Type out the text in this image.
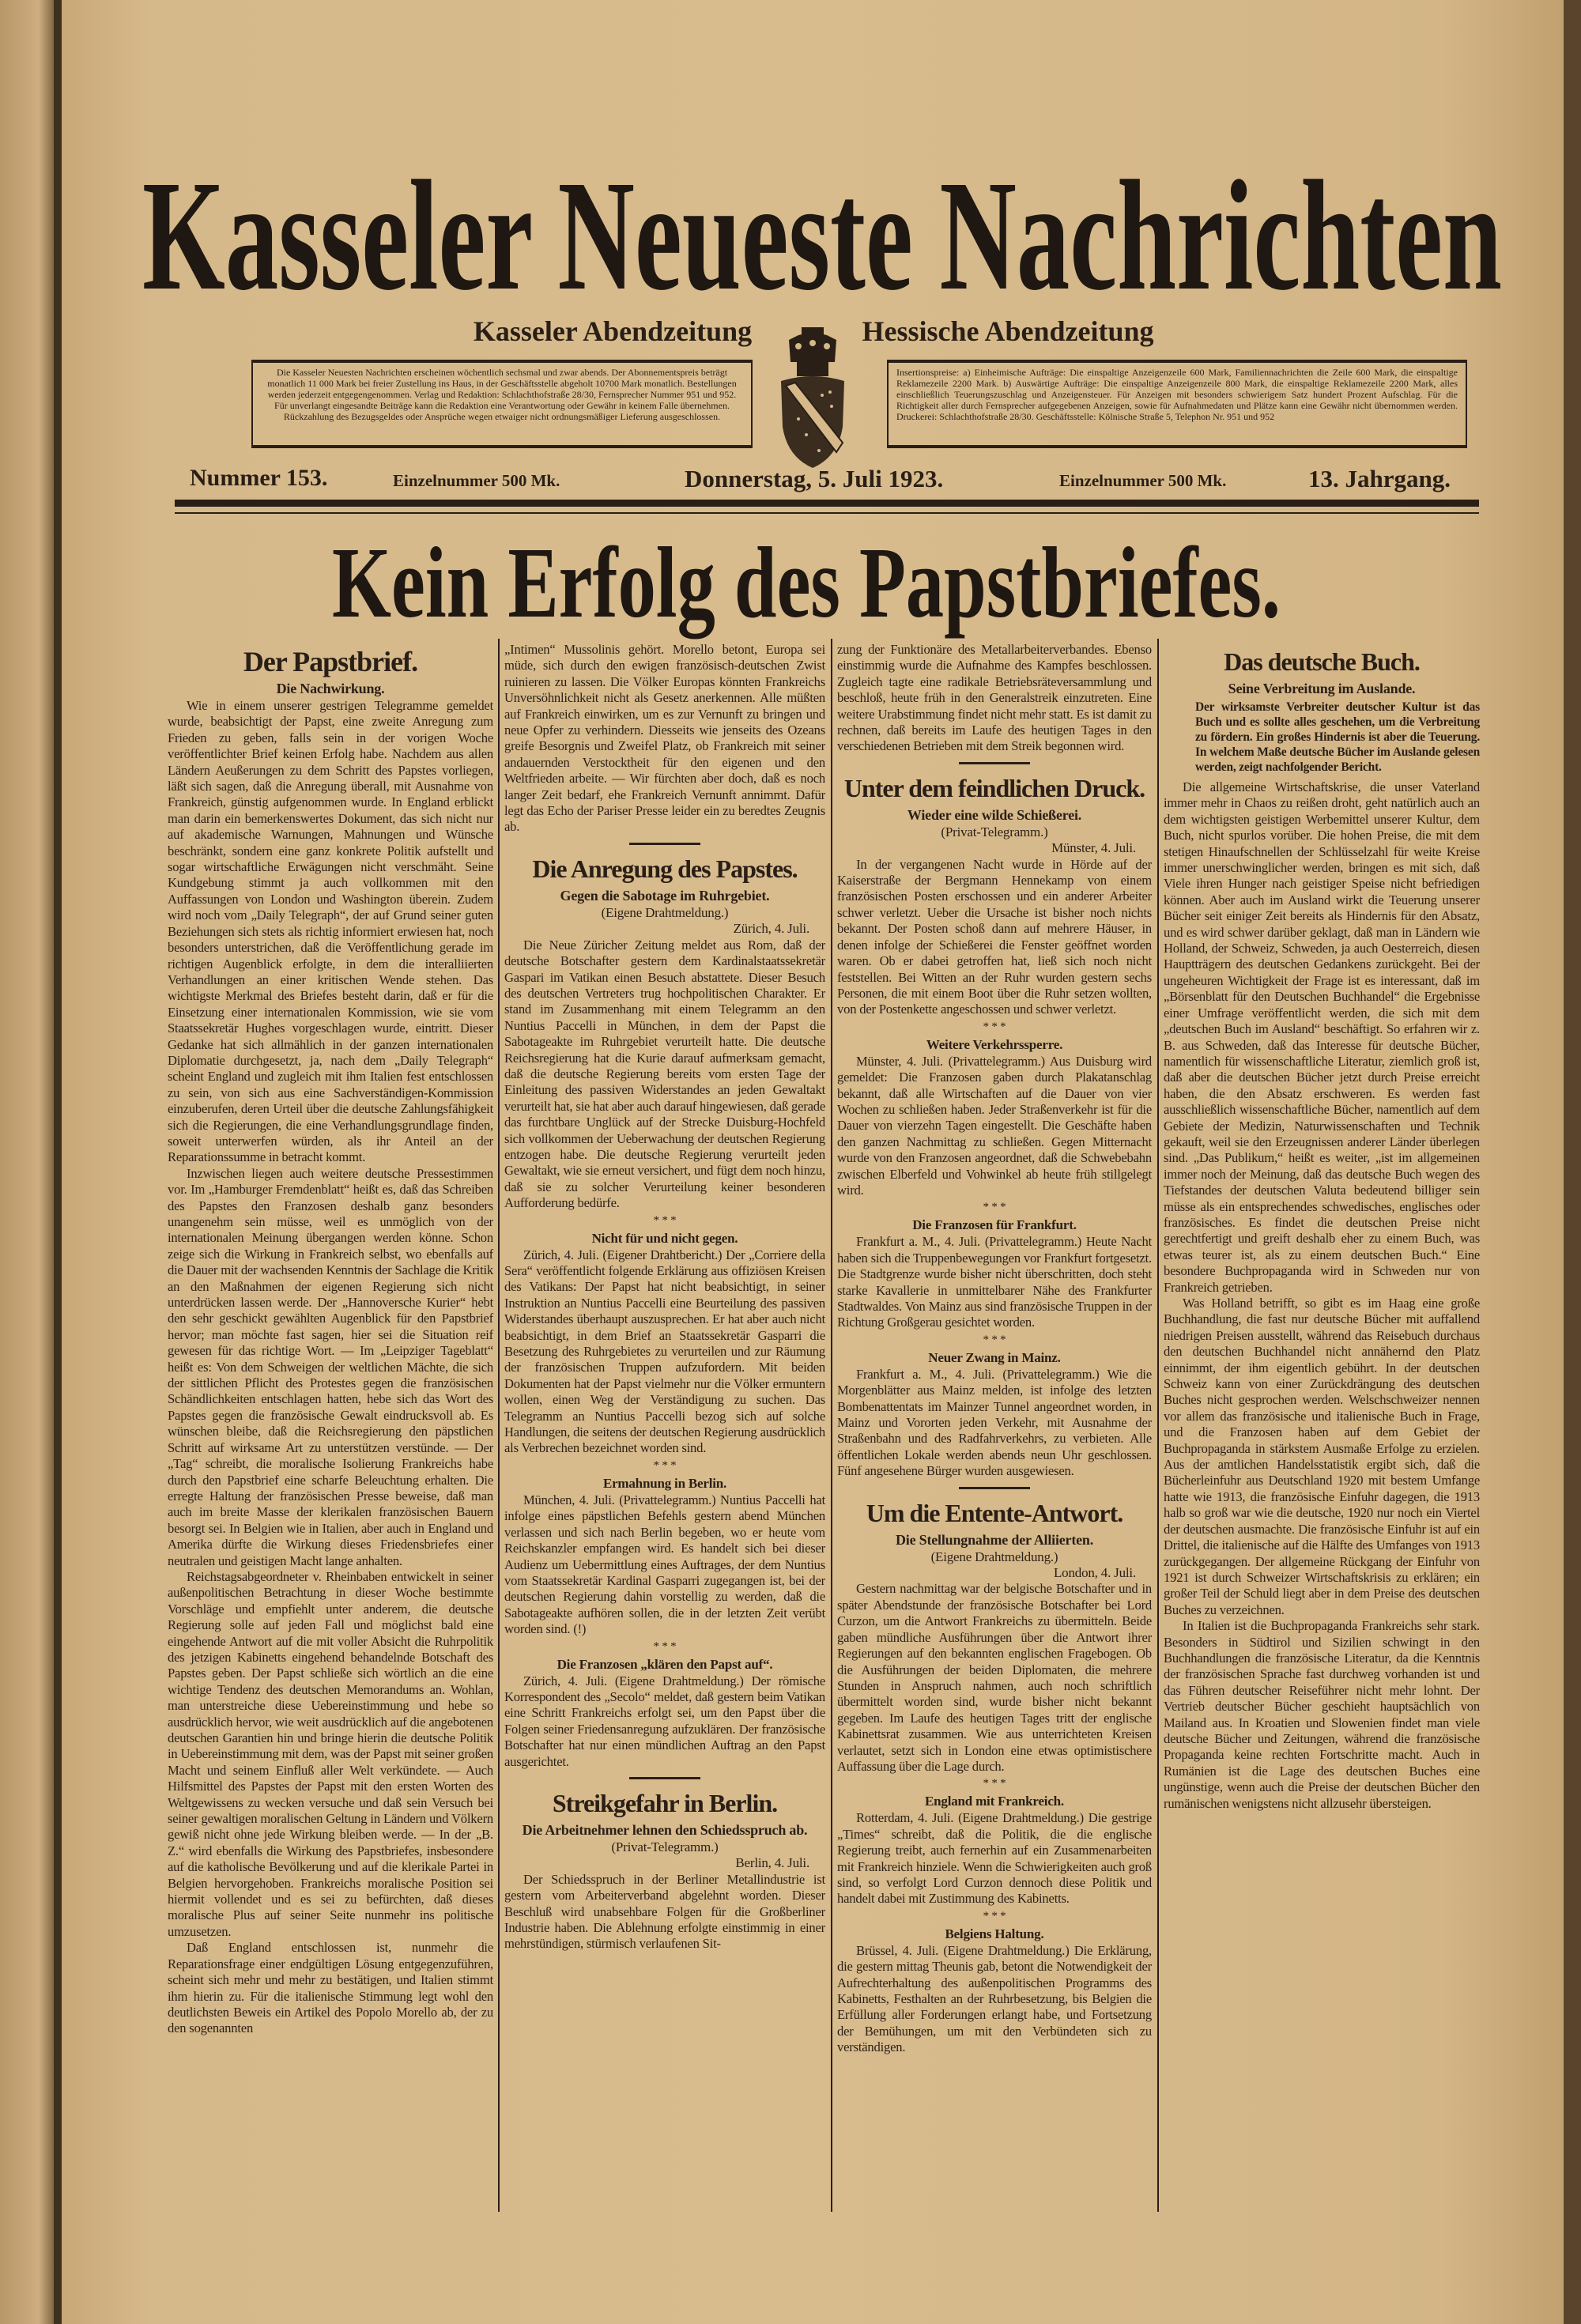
Kasseler Neueste Nachrichten
Kasseler Abendzeitung	Hessische Abendzeitung
Die Kasseler Neuesten Nachrichten erscheinen wöchentlich sechsmal und zwar abends. Der Abonnementspreis beträgt monatlich 11 000 Mark bei freier Zustellung ins Haus, in der Geschäftsstelle abgeholt 10700 Mark monatlich. Bestellungen werden jederzeit entgegengenommen. Verlag und Redaktion: Schlachthofstraße 28/30, Fernsprecher Nummer 951 und 952. Für unverlangt eingesandte Beiträge kann die Redaktion eine Verantwortung oder Gewähr in keinem Falle übernehmen. Rückzahlung des Bezugsgeldes oder Ansprüche wegen etwaiger nicht ordnungsmäßiger Lieferung ausgeschlossen.
Insertionspreise: a) Einheimische Aufträge: Die einspaltige Anzeigenzeile 600 Mark, Familiennachrichten die Zeile 600 Mark, die einspaltige Reklamezeile 2200 Mark. b) Auswärtige Aufträge: Die einspaltige Anzeigenzeile 800 Mark, die einspaltige Reklamezeile 2200 Mark, alles einschließlich Teuerungszuschlag und Anzeigensteuer. Für Anzeigen mit besonders schwierigem Satz hundert Prozent Aufschlag. Für die Richtigkeit aller durch Fernsprecher aufgegebenen Anzeigen, sowie für Aufnahmedaten und Plätze kann eine Gewähr nicht übernommen werden. Druckerei: Schlachthofstraße 28/30. Geschäftsstelle: Kölnische Straße 5, Telephon Nr. 951 und 952
Nummer 153.	Einzelnummer 500 Mk.	Donnerstag, 5. Juli 1923.	Einzelnummer 500 Mk.	13. Jahrgang.
Kein Erfolg des Papstbriefes.
Der Papstbrief.
Die Nachwirkung.

Wie in einem unserer gestrigen Telegramme gemeldet wurde, beabsichtigt der Papst, eine zweite Anregung zum Frieden zu geben, falls sein in der vorigen Woche veröffentlichter Brief keinen Erfolg habe. Nachdem aus allen Ländern Aeußerungen zu dem Schritt des Papstes vorliegen, läßt sich sagen, daß die Anregung überall, mit Ausnahme von Frankreich, günstig aufgenommen wurde. In England erblickt man darin ein bemerkenswertes Dokument, das sich nicht nur auf akademische Warnungen, Mahnungen und Wünsche beschränkt, sondern eine ganz konkrete Politik aufstellt und sogar wirtschaftliche Erwägungen nicht verschmäht. Seine Kundgebung stimmt ja auch vollkommen mit den Auffassungen von London und Washington überein. Zudem wird noch vom „Daily Telegraph“, der auf Grund seiner guten Beziehungen sich stets als richtig informiert erwiesen hat, noch besonders unterstrichen, daß die Veröffentlichung gerade im richtigen Augenblick erfolgte, in dem die interalliierten Verhandlungen an einer kritischen Wende stehen. Das wichtigste Merkmal des Briefes besteht darin, daß er für die Einsetzung einer internationalen Kommission, wie sie vom Staatssekretär Hughes vorgeschlagen wurde, eintritt. Dieser Gedanke hat sich allmählich in der ganzen internationalen Diplomatie durchgesetzt, ja, nach dem „Daily Telegraph“ scheint England und zugleich mit ihm Italien fest entschlossen zu sein, von sich aus eine Sachverständigen-Kommission einzuberufen, deren Urteil über die deutsche Zahlungsfähigkeit sich die Regierungen, die eine Verhandlungsgrundlage finden, soweit unterwerfen würden, als ihr Anteil an der Reparationssumme in betracht kommt.

Inzwischen liegen auch weitere deutsche Pressestimmen vor. Im „Hamburger Fremdenblatt“ heißt es, daß das Schreiben des Papstes den Franzosen deshalb ganz besonders unangenehm sein müsse, weil es unmöglich von der internationalen Meinung übergangen werden könne. Schon zeige sich die Wirkung in Frankreich selbst, wo ebenfalls auf die Dauer mit der wachsenden Kenntnis der Sachlage die Kritik an den Maßnahmen der eigenen Regierung sich nicht unterdrücken lassen werde. Der „Hannoversche Kurier“ hebt den sehr geschickt gewählten Augenblick für den Papstbrief hervor; man möchte fast sagen, hier sei die Situation reif gewesen für das richtige Wort. — Im „Leipziger Tageblatt“ heißt es: Von dem Schweigen der weltlichen Mächte, die sich der sittlichen Pflicht des Protestes gegen die französischen Schändlichkeiten entschlagen hatten, hebe sich das Wort des Papstes gegen die französische Gewalt eindrucksvoll ab. Es wünschen bleibe, daß die Reichsregierung den päpstlichen Schritt auf wirksame Art zu unterstützen verstünde. — Der „Tag“ schreibt, die moralische Isolierung Frankreichs habe durch den Papstbrief eine scharfe Beleuchtung erhalten. Die erregte Haltung der französischen Presse beweise, daß man auch im breite Masse der klerikalen französischen Bauern besorgt sei. In Belgien wie in Italien, aber auch in England und Amerika dürfte die Wirkung dieses Friedensbriefes einer neutralen und geistigen Macht lange anhalten.

Reichstagsabgeordneter v. Rheinbaben entwickelt in seiner außenpolitischen Betrachtung in dieser Woche bestimmte Vorschläge und empfiehlt unter anderem, die deutsche Regierung solle auf jeden Fall und möglichst bald eine eingehende Antwort auf die mit voller Absicht die Ruhrpolitik des jetzigen Kabinetts eingehend behandelnde Botschaft des Papstes geben. Der Papst schließe sich wörtlich an die eine wichtige Tendenz des deutschen Memorandums an. Wohlan, man unterstreiche diese Uebereinstimmung und hebe so ausdrücklich hervor, wie weit ausdrücklich auf die angebotenen deutschen Garantien hin und bringe hierin die deutsche Politik in Uebereinstimmung mit dem, was der Papst mit seiner großen Macht und seinem Einfluß aller Welt verkündete. — Auch Hilfsmittel des Papstes der Papst mit den ersten Worten des Weltgewissens zu wecken versuche und daß sein Versuch bei seiner gewaltigen moralischen Geltung in Ländern und Völkern gewiß nicht ohne jede Wirkung bleiben werde. — In der „B. Z.“ wird ebenfalls die Wirkung des Papstbriefes, insbesondere auf die katholische Bevölkerung und auf die klerikale Partei in Belgien hervorgehoben. Frankreichs moralische Position sei hiermit vollendet und es sei zu befürchten, daß dieses moralische Plus auf seiner Seite nunmehr ins politische umzusetzen.

Daß England entschlossen ist, nunmehr die Reparationsfrage einer endgültigen Lösung entgegenzuführen, scheint sich mehr und mehr zu bestätigen, und Italien stimmt ihm hierin zu. Für die italienische Stimmung legt wohl den deutlichsten Beweis ein Artikel des Popolo Morello ab, der zu den sogenannten

„Intimen“ Mussolinis gehört. Morello betont, Europa sei müde, sich durch den ewigen französisch-deutschen Zwist ruinieren zu lassen. Die Völker Europas könnten Frankreichs Unversöhnlichkeit nicht als Gesetz anerkennen. Alle müßten auf Frankreich einwirken, um es zur Vernunft zu bringen und neue Opfer zu verhindern. Diesseits wie jenseits des Ozeans greife Besorgnis und Zweifel Platz, ob Frankreich mit seiner andauernden Verstocktheit für den eigenen und den Weltfrieden arbeite. — Wir fürchten aber doch, daß es noch langer Zeit bedarf, ehe Frankreich Vernunft annimmt. Dafür legt das Echo der Pariser Presse leider ein zu beredtes Zeugnis ab.

Die Anregung des Papstes.
Gegen die Sabotage im Ruhrgebiet.
(Eigene Drahtmeldung.)
Zürich, 4. Juli.

Die Neue Züricher Zeitung meldet aus Rom, daß der deutsche Botschafter gestern dem Kardinalstaatssekretär Gaspari im Vatikan einen Besuch abstattete. Dieser Besuch des deutschen Vertreters trug hochpolitischen Charakter. Er stand im Zusammenhang mit einem Telegramm an den Nuntius Paccelli in München, in dem der Papst die Sabotageakte im Ruhrgebiet verurteilt hatte. Die deutsche Reichsregierung hat die Kurie darauf aufmerksam gemacht, daß die deutsche Regierung bereits vom ersten Tage der Einleitung des passiven Widerstandes an jeden Gewaltakt verurteilt hat, sie hat aber auch darauf hingewiesen, daß gerade das furchtbare Unglück auf der Strecke Duisburg-Hochfeld sich vollkommen der Ueberwachung der deutschen Regierung entzogen habe. Die deutsche Regierung verurteilt jeden Gewaltakt, wie sie erneut versichert, und fügt dem noch hinzu, daß sie zu solcher Verurteilung keiner besonderen Aufforderung bedürfe.

* * *
Nicht für und nicht gegen.

Zürich, 4. Juli. (Eigener Drahtbericht.) Der „Corriere della Sera“ veröffentlicht folgende Erklärung aus offiziösen Kreisen des Vatikans: Der Papst hat nicht beabsichtigt, in seiner Instruktion an Nuntius Paccelli eine Beurteilung des passiven Widerstandes überhaupt auszusprechen. Er hat aber auch nicht beabsichtigt, in dem Brief an Staatssekretär Gasparri die Besetzung des Ruhrgebietes zu verurteilen und zur Räumung der französischen Truppen aufzufordern. Mit beiden Dokumenten hat der Papst vielmehr nur die Völker ermuntern wollen, einen Weg der Verständigung zu suchen. Das Telegramm an Nuntius Paccelli bezog sich auf solche Handlungen, die seitens der deutschen Regierung ausdrücklich als Verbrechen bezeichnet worden sind.

* * *
Ermahnung in Berlin.

München, 4. Juli. (Privattelegramm.) Nuntius Paccelli hat infolge eines päpstlichen Befehls gestern abend München verlassen und sich nach Berlin begeben, wo er heute vom Reichskanzler empfangen wird. Es handelt sich bei dieser Audienz um Uebermittlung eines Auftrages, der dem Nuntius vom Staatssekretär Kardinal Gasparri zugegangen ist, bei der deutschen Regierung dahin vorstellig zu werden, daß die Sabotageakte aufhören sollen, die in der letzten Zeit verübt worden sind. (!)

* * *
Die Franzosen „klären den Papst auf“.

Zürich, 4. Juli. (Eigene Drahtmeldung.) Der römische Korrespondent des „Secolo“ meldet, daß gestern beim Vatikan eine Schritt Frankreichs erfolgt sei, um den Papst über die Folgen seiner Friedensanregung aufzuklären. Der französische Botschafter hat nur einen mündlichen Auftrag an den Papst ausgerichtet.

Streikgefahr in Berlin.
Die Arbeitnehmer lehnen den Schiedsspruch ab.
(Privat-Telegramm.)
Berlin, 4. Juli.

Der Schiedsspruch in der Berliner Metallindustrie ist gestern vom Arbeiterverband abgelehnt worden. Dieser Beschluß wird unabsehbare Folgen für die Großberliner Industrie haben. Die Ablehnung erfolgte einstimmig in einer mehrstündigen, stürmisch verlaufenen Sit-

zung der Funktionäre des Metallarbeiterverbandes. Ebenso einstimmig wurde die Aufnahme des Kampfes beschlossen. Zugleich tagte eine radikale Betriebsräteversammlung und beschloß, heute früh in den Generalstreik einzutreten. Eine weitere Urabstimmung findet nicht mehr statt. Es ist damit zu rechnen, daß bereits im Laufe des heutigen Tages in den verschiedenen Betrieben mit dem Streik begonnen wird.

Unter dem feindlichen Druck.
Wieder eine wilde Schießerei.
(Privat-Telegramm.)
Münster, 4. Juli.

In der vergangenen Nacht wurde in Hörde auf der Kaiserstraße der Bergmann Hennekamp von einem französischen Posten erschossen und ein anderer Arbeiter schwer verletzt. Ueber die Ursache ist bisher noch nichts bekannt. Der Posten schoß dann auf mehrere Häuser, in denen infolge der Schießerei die Fenster geöffnet worden waren. Ob er dabei getroffen hat, ließ sich noch nicht feststellen. Bei Witten an der Ruhr wurden gestern sechs Personen, die mit einem Boot über die Ruhr setzen wollten, von der Postenkette angeschossen und schwer verletzt.

* * *
Weitere Verkehrssperre.

Münster, 4. Juli. (Privattelegramm.) Aus Duisburg wird gemeldet: Die Franzosen gaben durch Plakatanschlag bekannt, daß alle Wirtschaften auf die Dauer von vier Wochen zu schließen haben. Jeder Straßenverkehr ist für die Dauer von vierzehn Tagen eingestellt. Die Geschäfte haben den ganzen Nachmittag zu schließen. Gegen Mitternacht wurde von den Franzosen angeordnet, daß die Schwebebahn zwischen Elberfeld und Vohwinkel ab heute früh stillgelegt wird.

* * *
Die Franzosen für Frankfurt.

Frankfurt a. M., 4. Juli. (Privattelegramm.) Heute Nacht haben sich die Truppenbewegungen vor Frankfurt fortgesetzt. Die Stadtgrenze wurde bisher nicht überschritten, doch steht starke Kavallerie in unmittelbarer Nähe des Frankfurter Stadtwaldes. Von Mainz aus sind französische Truppen in der Richtung Großgerau gesichtet worden.

* * *
Neuer Zwang in Mainz.

Frankfurt a. M., 4. Juli. (Privattelegramm.) Wie die Morgenblätter aus Mainz melden, ist infolge des letzten Bombenattentats im Mainzer Tunnel angeordnet worden, in Mainz und Vororten jeden Verkehr, mit Ausnahme der Straßenbahn und des Radfahrverkehrs, zu verbieten. Alle öffentlichen Lokale werden abends neun Uhr geschlossen. Fünf angesehene Bürger wurden ausgewiesen.

Um die Entente-Antwort.
Die Stellungnahme der Alliierten.
(Eigene Drahtmeldung.)
London, 4. Juli.

Gestern nachmittag war der belgische Botschafter und in später Abendstunde der französische Botschafter bei Lord Curzon, um die Antwort Frankreichs zu übermitteln. Beide gaben mündliche Ausführungen über die Antwort ihrer Regierungen auf den bekannten englischen Fragebogen. Ob die Ausführungen der beiden Diplomaten, die mehrere Stunden in Anspruch nahmen, auch noch schriftlich übermittelt worden sind, wurde bisher nicht bekannt gegeben. Im Laufe des heutigen Tages tritt der englische Kabinettsrat zusammen. Wie aus unterrichteten Kreisen verlautet, setzt sich in London eine etwas optimistischere Auffassung über die Lage durch.

* * *
England mit Frankreich.

Rotterdam, 4. Juli. (Eigene Drahtmeldung.) Die gestrige „Times“ schreibt, daß die Politik, die die englische Regierung treibt, auch fernerhin auf ein Zusammenarbeiten mit Frankreich hinziele. Wenn die Schwierigkeiten auch groß sind, so verfolgt Lord Curzon dennoch diese Politik und handelt dabei mit Zustimmung des Kabinetts.

* * *
Belgiens Haltung.

Brüssel, 4. Juli. (Eigene Drahtmeldung.) Die Erklärung, die gestern mittag Theunis gab, betont die Notwendigkeit der Aufrechterhaltung des außenpolitischen Programms des Kabinetts, Festhalten an der Ruhrbesetzung, bis Belgien die Erfüllung aller Forderungen erlangt habe, und Fortsetzung der Bemühungen, um mit den Verbündeten sich zu verständigen.

Das deutsche Buch.
Seine Verbreitung im Auslande.

Der wirksamste Verbreiter deutscher Kultur ist das Buch und es sollte alles geschehen, um die Verbreitung zu fördern. Ein großes Hindernis ist aber die Teuerung. In welchem Maße deutsche Bücher im Auslande gelesen werden, zeigt nachfolgender Bericht.

Die allgemeine Wirtschaftskrise, die unser Vaterland immer mehr in Chaos zu reißen droht, geht natürlich auch an dem wichtigsten geistigen Werbemittel unserer Kultur, dem Buch, nicht spurlos vorüber. Die hohen Preise, die mit dem stetigen Hinaufschnellen der Schlüsselzahl für weite Kreise immer unerschwinglicher werden, bringen es mit sich, daß Viele ihren Hunger nach geistiger Speise nicht befriedigen können. Aber auch im Ausland wirkt die Teuerung unserer Bücher seit einiger Zeit bereits als Hindernis für den Absatz, und es wird schwer darüber geklagt, daß man in Ländern wie Holland, der Schweiz, Schweden, ja auch Oesterreich, diesen Hauptträgern des deutschen Gedankens zurückgeht. Bei der ungeheuren Wichtigkeit der Frage ist es interessant, daß im „Börsenblatt für den Deutschen Buchhandel“ die Ergebnisse einer Umfrage veröffentlicht werden, die sich mit dem „deutschen Buch im Ausland“ beschäftigt. So erfahren wir z. B. aus Schweden, daß das Interesse für deutsche Bücher, namentlich für wissenschaftliche Literatur, ziemlich groß ist, daß aber die deutschen Bücher jetzt durch Preise erreicht haben, die den Absatz erschweren. Es werden fast ausschließlich wissenschaftliche Bücher, namentlich auf dem Gebiete der Medizin, Naturwissenschaften und Technik gekauft, weil sie den Erzeugnissen anderer Länder überlegen sind. „Das Publikum,“ heißt es weiter, „ist im allgemeinen immer noch der Meinung, daß das deutsche Buch wegen des Tiefstandes der deutschen Valuta bedeutend billiger sein müsse als ein entsprechendes schwedisches, englisches oder französisches. Es findet die deutschen Preise nicht gerechtfertigt und greift deshalb eher zu einem Buch, was etwas teurer ist, als zu einem deutschen Buch.“ Eine besondere Buchpropaganda wird in Schweden nur von Frankreich getrieben.

Was Holland betrifft, so gibt es im Haag eine große Buchhandlung, die fast nur deutsche Bücher mit auffallend niedrigen Preisen ausstellt, während das Reisebuch durchaus den deutschen Buchhandel nicht annähernd den Platz einnimmt, der ihm eigentlich gebührt. In der deutschen Schweiz kann von einer Zurückdrängung des deutschen Buches nicht gesprochen werden. Welschschweizer nennen vor allem das französische und italienische Buch in Frage, und die Franzosen haben auf dem Gebiet der Buchpropaganda in stärkstem Ausmaße Erfolge zu erzielen. Aus der amtlichen Handelsstatistik ergibt sich, daß die Bücherleinfuhr aus Deutschland 1920 mit bestem Umfange hatte wie 1913, die französische Einfuhr dagegen, die 1913 halb so groß war wie die deutsche, 1920 nur noch ein Viertel der deutschen ausmachte. Die französische Einfuhr ist auf ein Drittel, die italienische auf die Hälfte des Umfanges von 1913 zurückgegangen. Der allgemeine Rückgang der Einfuhr von 1921 ist durch Schweizer Wirtschaftskrisis zu erklären; ein großer Teil der Schuld liegt aber in dem Preise des deutschen Buches zu verzeichnen.

In Italien ist die Buchpropaganda Frankreichs sehr stark. Besonders in Südtirol und Sizilien schwingt in den Buchhandlungen die französische Literatur, da die Kenntnis der französischen Sprache fast durchweg vorhanden ist und das Führen deutscher Reiseführer nicht mehr lohnt. Der Vertrieb deutscher Bücher geschieht hauptsächlich von Mailand aus. In Kroatien und Slowenien findet man viele deutsche Bücher und Zeitungen, während die französische Propaganda keine rechten Fortschritte macht. Auch in Rumänien ist die Lage des deutschen Buches eine ungünstige, wenn auch die Preise der deutschen Bücher den rumänischen wenigstens nicht allzusehr übersteigen.
